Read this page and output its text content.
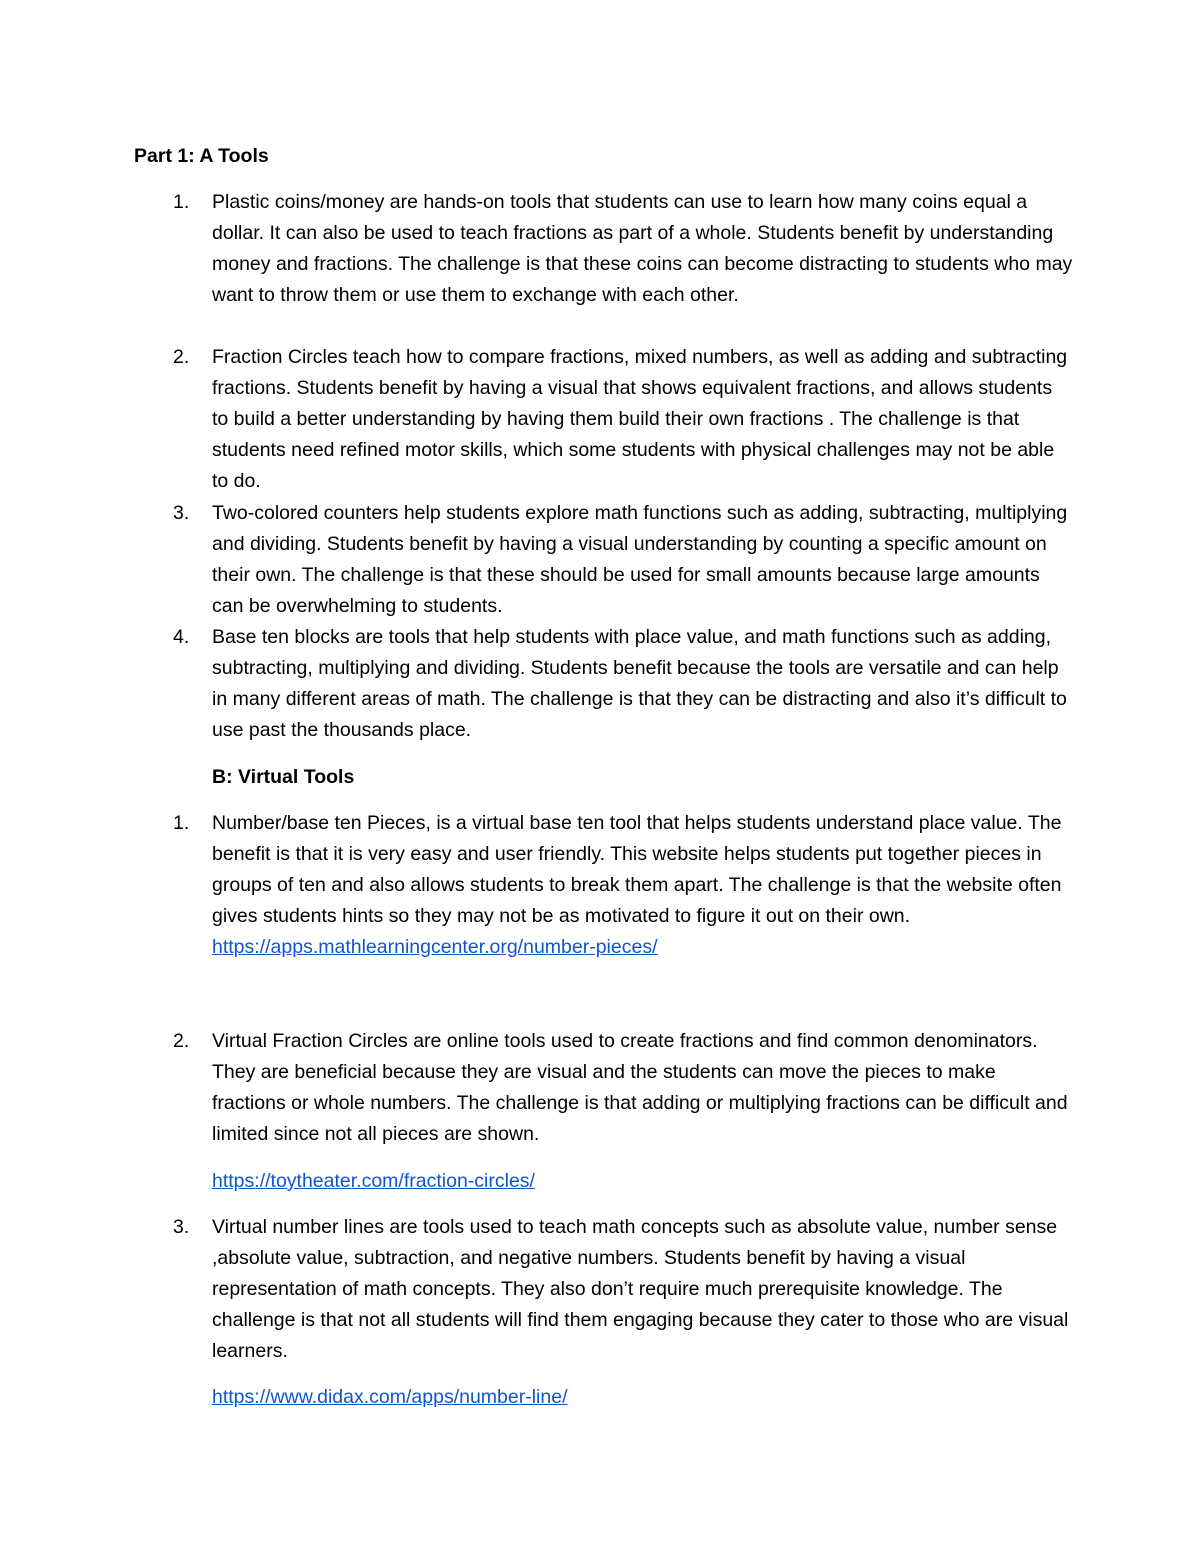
Part 1: A Tools
1.	Plastic coins/money are hands-on tools that students can use to learn how many coins equal a dollar. It can also be used to teach fractions as part of a whole. Students benefit by understanding money and fractions. The challenge is that these coins can become distracting to students who may want to throw them or use them to exchange with each other.
2.	Fraction Circles teach how to compare fractions, mixed numbers, as well as adding and subtracting fractions. Students benefit by having a visual that shows equivalent fractions, and allows students to build a better understanding by having them build their own fractions . The challenge is that students need refined motor skills, which some students with physical challenges may not be able to do.
3.	Two-colored counters help students explore math functions such as adding, subtracting, multiplying and dividing. Students benefit by having a visual understanding by counting a specific amount on their own. The challenge is that these should be used for small amounts because large amounts can be overwhelming to students.
4.	Base ten blocks are tools that help students with place value, and math functions such as adding, subtracting, multiplying and dividing. Students benefit because the tools are versatile and can help in many different areas of math. The challenge is that they can be distracting and also it’s difficult to use past the thousands place.
B: Virtual Tools
1.	Number/base ten Pieces, is a virtual base ten tool that helps students understand place value. The benefit is that it is very easy and user friendly. This website helps students put together pieces in groups of ten and also allows students to break them apart. The challenge is that the website often gives students hints so they may not be as motivated to figure it out on their own. https://apps.mathlearningcenter.org/number-pieces/
2.	Virtual Fraction Circles are online tools used to create fractions and find common denominators. They are beneficial because they are visual and the students can move the pieces to make fractions or whole numbers. The challenge is that adding or multiplying fractions can be difficult and limited since not all pieces are shown.
https://toytheater.com/fraction-circles/
3.	Virtual number lines are tools used to teach math concepts such as absolute value, number sense ,absolute value, subtraction, and negative numbers. Students benefit by having a visual representation of math concepts. They also don’t require much prerequisite knowledge. The challenge is that not all students will find them engaging because they cater to those who are visual learners.
https://www.didax.com/apps/number-line/
